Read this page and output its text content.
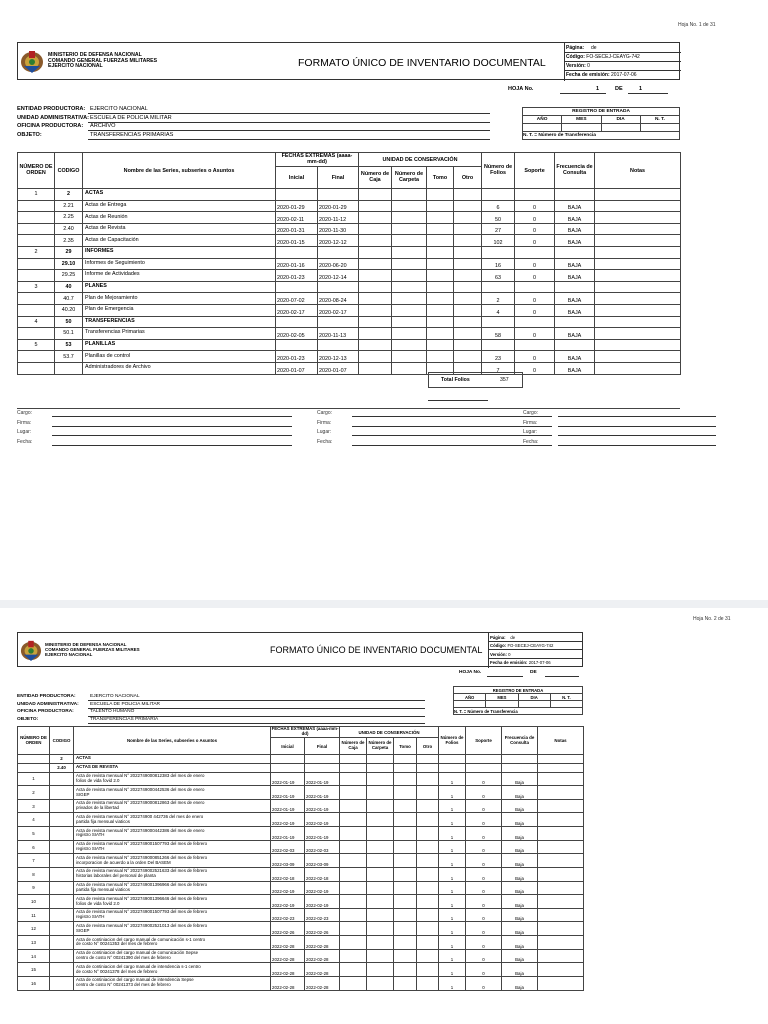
Hoja No. 1 de 31
MINISTERIO DE DEFENSA NACIONAL
COMANDO GENERAL FUERZAS MILITARES
EJERCITO NACIONAL	FORMATO ÚNICO DE INVENTARIO DOCUMENTAL
Página: de
Código: FO-SECEJ-CEAYG-742
Versión: 0
Fecha de emisión: 2017-07-06
HOJA No.	1	DE	1
ENTIDAD PRODUCTORA: EJERCITO NACIONAL
UNIDAD ADMINISTRATIVA: ESCUELA DE POLICIA MILITAR
OFICINA PRODUCTORA: ARCHIVO
OBJETO:	TRANSFERENCIAS PRIMARIAS
REGISTRO DE ENTRADA			
AÑO	MES	DIA	N. T.

N. T. = Número de Transferencia			
NÚMERO DE ORDEN	CODIGO	Nombre de las Series, subseries o Asuntos	FECHAS EXTREMAS (aaaa-mm-dd)		UNIDAD DE CONSERVACIÓN				Número de Folios	Soporte	Frecuencia de Consulta	Notas
			Inicial	Final	Número de Caja	Número de Carpeta	Tomo	Otro				
1	2	ACTAS										

	2.21	Actas de Entrega	2020-01-29	2020-01-29					6	0	BAJA	
	2.25	Actas de Reunión	2020-02-11	2020-11-12					50	0	BAJA	
	2.40	Actas de Revista	2020-01-31	2020-11-30					27	0	BAJA	
	2.35	Actas de Capacitación	2020-01-15	2020-12-12					102	0	BAJA	
2	29	INFORMES										

	29.10	Informes de Seguimiento	2020-01-16	2020-06-20					16	0	BAJA	
	29.25	Informe de Actividades	2020-01-23	2020-12-14					63	0	BAJA	
3	40	PLANES										

	40.7	Plan de Mejoramiento	2020-07-02	2020-08-24					2	0	BAJA	
	40.20	Plan de Emergencia	2020-02-17	2020-02-17					4	0	BAJA	
4	50	TRANSFERENCIAS										

	50.1	Transferencias Primarias	2020-02-05	2020-11-13					58	0	BAJA	
5	53	PLANILLAS										

	53.7	Planillas de control	2020-01-23	2020-12-13					23	0	BAJA	

		Administradores de Archivo	2020-01-07	2020-01-07					7	0	BAJA	
Total Folios	357
Cargo:
Firma:
Lugar:
Fecha:
Cargo:
Firma:
Lugar:
Fecha:
Cargo:
Firma:
Lugar:
Fecha:
Hoja No. 2 de 31
MINISTERIO DE DEFENSA NACIONAL
COMANDO GENERAL FUERZAS MILITARES
EJERCITO NACIONAL	FORMATO ÚNICO DE INVENTARIO DOCUMENTAL
Página: de
Código: FO-SECEJ-CEAYG-742
Versión: 0
Fecha de emisión: 2017-07-06
HOJA No.	DE
ENTIDAD PRODUCTORA:	EJERCITO NACIONAL
UNIDAD ADMINISTRATIVA: ESCUELA DE POLICIA MILITAR
OFICINA PRODUCTORA:	TALENTO HUMANO
OBJETO:	TRANSFERENCIAS PRIMARIA
REGISTRO DE ENTRADA			
AÑO	MES	DIA	N. T.

N. T. = Número de Transferencia			
NÚMERO DE ORDEN	CODIGO	Nombre de las Series, subseries o Asuntos	FECHAS EXTREMAS (aaaa-mm-dd)		UNIDAD DE CONSERVACIÓN				Número de Folios	Soporte	Frecuencia de Consulta	Notas
			Inicial	Final	Número de Caja	Número de Carpeta	Tomo	Otro				
	2	ACTAS										

	2.40	ACTAS DE REVISTA										

1		Acta de revista mensual N° 2022749000812383 del mes de enero
folios de vida fovid 2.0	2022-01-19	2022-01-19					1	0	Baja	
2		Acta de revista mensual N° 2022749000442536 del mes de enero
SIGEP	2022-01-19	2022-01-19					1	0	Baja	
3		Acta de revista mensual N° 2022749000812863 del mes de enero
privados de la libertad	2022-01-19	2022-01-19					1	0	Baja	
4		Acta de revista mensual N° 202274900 442736 del mes de enero
partida fija mensual viaticos	2022-02-19	2022-02-19					1	0	Baja	
5		Acta de revista mensual N° 2022749000442386 del mes de enero
registro SIATH	2022-01-19	2022-01-19					1	0	Baja	
6		Acta de revista mensual N° 2022749001507793 del mes de febrero
registro SIATH	2022-02-03	2022-02-03					1	0	Baja	
7		Acta de revista mensual N° 2022749000851266 del mes de febrero
incorporacion de acuerdo a la orden Del BASEM	2022-03-09	2022-03-09					1	0	Baja	
8		Acta de revista mensual N° 2022749002521633 del mes de febrero
historias laborales del personal de planta	2022-02-18	2022-02-18					1	0	Baja	
9		Acta de revista mensual N° 2022749001396966 del mes de febrero
partida fija mensual viaticos	2022-02-19	2022-02-19					1	0	Baja	
10		Acta de revista mensual N° 2022749001396646 del mes de febrero
folios de vida fovid 2.0	2022-02-19	2022-02-19					1	0	Baja	
11		Acta de revista mensual N° 2022749001507793 del mes de febrero
registro SIATH	2022-02-23	2022-02-23					1	0	Baja	
12		Acta de revista mensual N° 2022749002521013 del mes de febrero
SIGEP	2022-02-26	2022-02-26					1	0	Baja	
13		Acta de continiacion del cargo manual de comunicación s-1 centro
de costo N° 00241353 del mes de febrero	2022-02-28	2022-02-28					1	0	Baja	
14		Acta de continiacion del cargo manual de comunicación Sepse
centro de costo N° 00241390 del mes de febrero	2022-02-28	2022-02-28					1	0	Baja	
15		Acta de continiacion del cargo manual de intendencia s-1 centro
de costo N° 00241378 del mes de febrero	2022-02-28	2022-02-28					1	0	Baja	
16		Acta de continiacion del cargo manual de intendencia Sepse
centro de costo N° 00241373 del mes de febrero	2022-02-28	2022-02-28					1	0	Baja	
